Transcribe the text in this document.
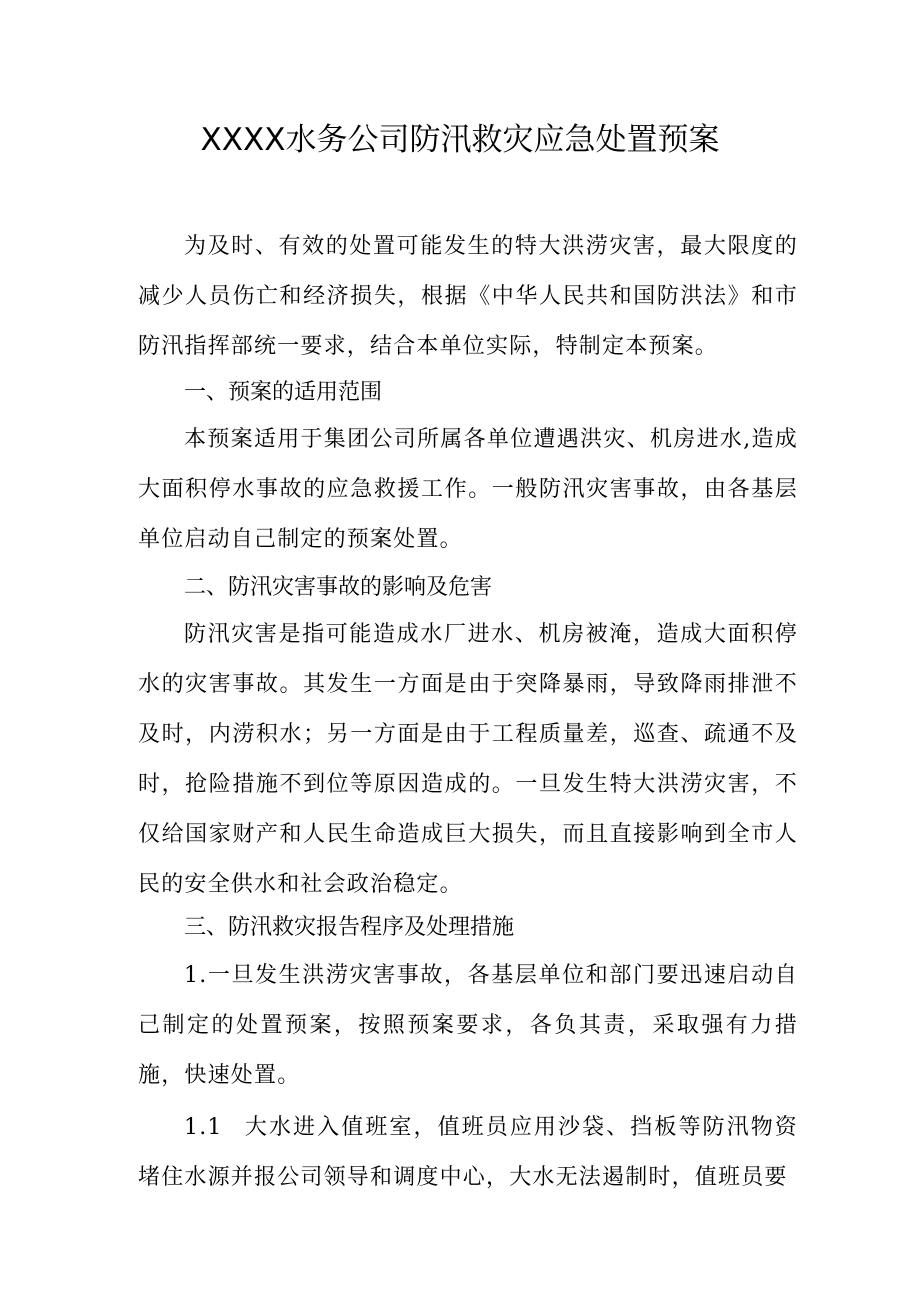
XXXX水务公司防汛救灾应急处置预案

为及时、有效的处置可能发生的特大洪涝灾害，最大限度的减少人员伤亡和经济损失，根据《中华人民共和国防洪法》和市防汛指挥部统一要求，结合本单位实际，特制定本预案。

一、预案的适用范围

本预案适用于集团公司所属各单位遭遇洪灾、机房进水,造成大面积停水事故的应急救援工作。一般防汛灾害事故，由各基层单位启动自己制定的预案处置。

二、防汛灾害事故的影响及危害

防汛灾害是指可能造成水厂进水、机房被淹，造成大面积停水的灾害事故。其发生一方面是由于突降暴雨，导致降雨排泄不及时，内涝积水；另一方面是由于工程质量差，巡查、疏通不及时，抢险措施不到位等原因造成的。一旦发生特大洪涝灾害，不仅给国家财产和人民生命造成巨大损失，而且直接影响到全市人民的安全供水和社会政治稳定。

三、防汛救灾报告程序及处理措施

1.一旦发生洪涝灾害事故，各基层单位和部门要迅速启动自己制定的处置预案，按照预案要求，各负其责，采取强有力措施，快速处置。

1.1 大水进入值班室，值班员应用沙袋、挡板等防汛物资堵住水源并报公司领导和调度中心，大水无法遏制时，值班员要
